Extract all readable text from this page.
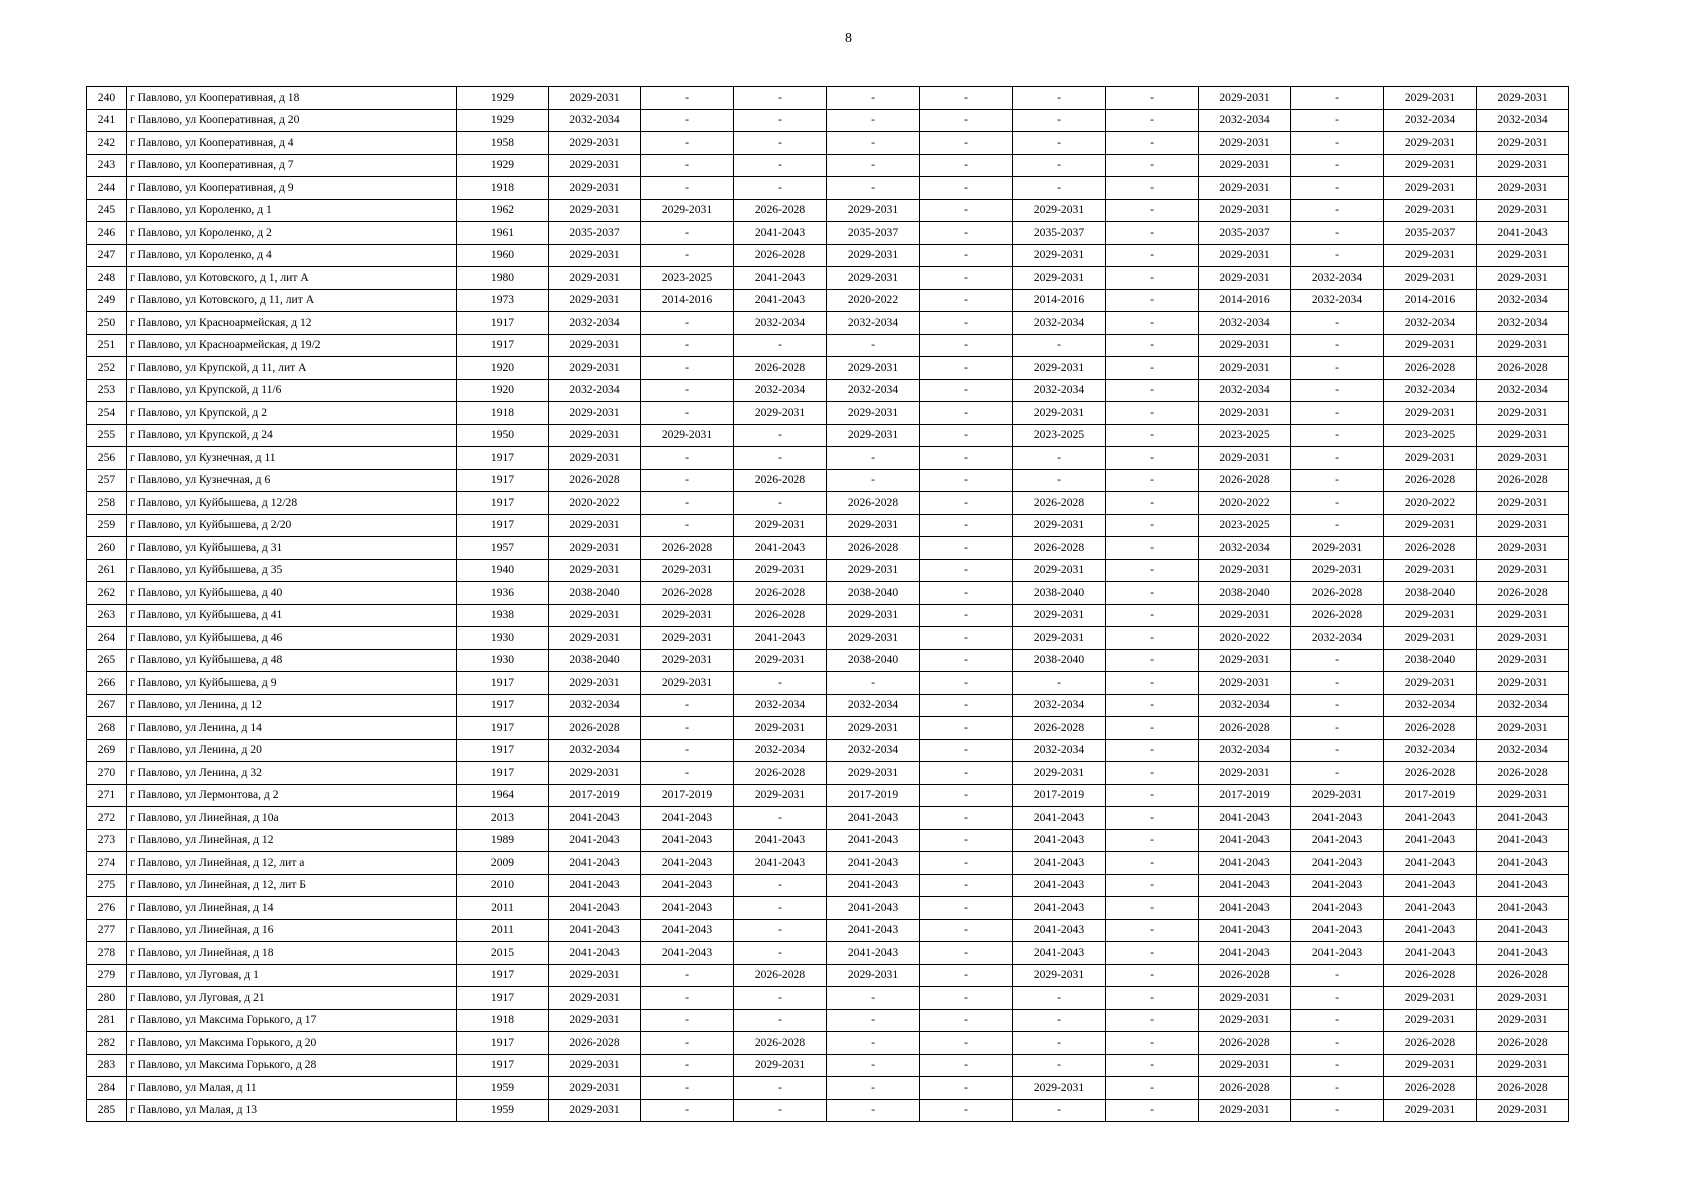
8
240	г Павлово, ул Кооперативная, д 18	1929	2029-2031	-	-	-	-	-	-	2029-2031	-	2029-2031	2029-2031
241	г Павлово, ул Кооперативная, д 20	1929	2032-2034	-	-	-	-	-	-	2032-2034	-	2032-2034	2032-2034
242	г Павлово, ул Кооперативная, д 4	1958	2029-2031	-	-	-	-	-	-	2029-2031	-	2029-2031	2029-2031
243	г Павлово, ул Кооперативная, д 7	1929	2029-2031	-	-	-	-	-	-	2029-2031	-	2029-2031	2029-2031
244	г Павлово, ул Кооперативная, д 9	1918	2029-2031	-	-	-	-	-	-	2029-2031	-	2029-2031	2029-2031
245	г Павлово, ул Короленко, д 1	1962	2029-2031	2029-2031	2026-2028	2029-2031	-	2029-2031	-	2029-2031	-	2029-2031	2029-2031
246	г Павлово, ул Короленко, д 2	1961	2035-2037	-	2041-2043	2035-2037	-	2035-2037	-	2035-2037	-	2035-2037	2041-2043
247	г Павлово, ул Короленко, д 4	1960	2029-2031	-	2026-2028	2029-2031	-	2029-2031	-	2029-2031	-	2029-2031	2029-2031
248	г Павлово, ул Котовского, д 1, лит А	1980	2029-2031	2023-2025	2041-2043	2029-2031	-	2029-2031	-	2029-2031	2032-2034	2029-2031	2029-2031
249	г Павлово, ул Котовского, д 11, лит А	1973	2029-2031	2014-2016	2041-2043	2020-2022	-	2014-2016	-	2014-2016	2032-2034	2014-2016	2032-2034
250	г Павлово, ул Красноармейская, д 12	1917	2032-2034	-	2032-2034	2032-2034	-	2032-2034	-	2032-2034	-	2032-2034	2032-2034
251	г Павлово, ул Красноармейская, д 19/2	1917	2029-2031	-	-	-	-	-	-	2029-2031	-	2029-2031	2029-2031
252	г Павлово, ул Крупской, д 11, лит А	1920	2029-2031	-	2026-2028	2029-2031	-	2029-2031	-	2029-2031	-	2026-2028	2026-2028
253	г Павлово, ул Крупской, д 11/6	1920	2032-2034	-	2032-2034	2032-2034	-	2032-2034	-	2032-2034	-	2032-2034	2032-2034
254	г Павлово, ул Крупской, д 2	1918	2029-2031	-	2029-2031	2029-2031	-	2029-2031	-	2029-2031	-	2029-2031	2029-2031
255	г Павлово, ул Крупской, д 24	1950	2029-2031	2029-2031	-	2029-2031	-	2023-2025	-	2023-2025	-	2023-2025	2029-2031
256	г Павлово, ул Кузнечная, д 11	1917	2029-2031	-	-	-	-	-	-	2029-2031	-	2029-2031	2029-2031
257	г Павлово, ул Кузнечная, д 6	1917	2026-2028	-	2026-2028	-	-	-	-	2026-2028	-	2026-2028	2026-2028
258	г Павлово, ул Куйбышева, д 12/28	1917	2020-2022	-	-	2026-2028	-	2026-2028	-	2020-2022	-	2020-2022	2029-2031
259	г Павлово, ул Куйбышева, д 2/20	1917	2029-2031	-	2029-2031	2029-2031	-	2029-2031	-	2023-2025	-	2029-2031	2029-2031
260	г Павлово, ул Куйбышева, д 31	1957	2029-2031	2026-2028	2041-2043	2026-2028	-	2026-2028	-	2032-2034	2029-2031	2026-2028	2029-2031
261	г Павлово, ул Куйбышева, д 35	1940	2029-2031	2029-2031	2029-2031	2029-2031	-	2029-2031	-	2029-2031	2029-2031	2029-2031	2029-2031
262	г Павлово, ул Куйбышева, д 40	1936	2038-2040	2026-2028	2026-2028	2038-2040	-	2038-2040	-	2038-2040	2026-2028	2038-2040	2026-2028
263	г Павлово, ул Куйбышева, д 41	1938	2029-2031	2029-2031	2026-2028	2029-2031	-	2029-2031	-	2029-2031	2026-2028	2029-2031	2029-2031
264	г Павлово, ул Куйбышева, д 46	1930	2029-2031	2029-2031	2041-2043	2029-2031	-	2029-2031	-	2020-2022	2032-2034	2029-2031	2029-2031
265	г Павлово, ул Куйбышева, д 48	1930	2038-2040	2029-2031	2029-2031	2038-2040	-	2038-2040	-	2029-2031	-	2038-2040	2029-2031
266	г Павлово, ул Куйбышева, д 9	1917	2029-2031	2029-2031	-	-	-	-	-	2029-2031	-	2029-2031	2029-2031
267	г Павлово, ул Ленина, д 12	1917	2032-2034	-	2032-2034	2032-2034	-	2032-2034	-	2032-2034	-	2032-2034	2032-2034
268	г Павлово, ул Ленина, д 14	1917	2026-2028	-	2029-2031	2029-2031	-	2026-2028	-	2026-2028	-	2026-2028	2029-2031
269	г Павлово, ул Ленина, д 20	1917	2032-2034	-	2032-2034	2032-2034	-	2032-2034	-	2032-2034	-	2032-2034	2032-2034
270	г Павлово, ул Ленина, д 32	1917	2029-2031	-	2026-2028	2029-2031	-	2029-2031	-	2029-2031	-	2026-2028	2026-2028
271	г Павлово, ул Лермонтова, д 2	1964	2017-2019	2017-2019	2029-2031	2017-2019	-	2017-2019	-	2017-2019	2029-2031	2017-2019	2029-2031
272	г Павлово, ул Линейная, д 10а	2013	2041-2043	2041-2043	-	2041-2043	-	2041-2043	-	2041-2043	2041-2043	2041-2043	2041-2043
273	г Павлово, ул Линейная, д 12	1989	2041-2043	2041-2043	2041-2043	2041-2043	-	2041-2043	-	2041-2043	2041-2043	2041-2043	2041-2043
274	г Павлово, ул Линейная, д 12, лит а	2009	2041-2043	2041-2043	2041-2043	2041-2043	-	2041-2043	-	2041-2043	2041-2043	2041-2043	2041-2043
275	г Павлово, ул Линейная, д 12, лит Б	2010	2041-2043	2041-2043	-	2041-2043	-	2041-2043	-	2041-2043	2041-2043	2041-2043	2041-2043
276	г Павлово, ул Линейная, д 14	2011	2041-2043	2041-2043	-	2041-2043	-	2041-2043	-	2041-2043	2041-2043	2041-2043	2041-2043
277	г Павлово, ул Линейная, д 16	2011	2041-2043	2041-2043	-	2041-2043	-	2041-2043	-	2041-2043	2041-2043	2041-2043	2041-2043
278	г Павлово, ул Линейная, д 18	2015	2041-2043	2041-2043	-	2041-2043	-	2041-2043	-	2041-2043	2041-2043	2041-2043	2041-2043
279	г Павлово, ул Луговая, д 1	1917	2029-2031	-	2026-2028	2029-2031	-	2029-2031	-	2026-2028	-	2026-2028	2026-2028
280	г Павлово, ул Луговая, д 21	1917	2029-2031	-	-	-	-	-	-	2029-2031	-	2029-2031	2029-2031
281	г Павлово, ул Максима Горького, д 17	1918	2029-2031	-	-	-	-	-	-	2029-2031	-	2029-2031	2029-2031
282	г Павлово, ул Максима Горького, д 20	1917	2026-2028	-	2026-2028	-	-	-	-	2026-2028	-	2026-2028	2026-2028
283	г Павлово, ул Максима Горького, д 28	1917	2029-2031	-	2029-2031	-	-	-	-	2029-2031	-	2029-2031	2029-2031
284	г Павлово, ул Малая, д 11	1959	2029-2031	-	-	-	-	2029-2031	-	2026-2028	-	2026-2028	2026-2028
285	г Павлово, ул Малая, д 13	1959	2029-2031	-	-	-	-	-	-	2029-2031	-	2029-2031	2029-2031
